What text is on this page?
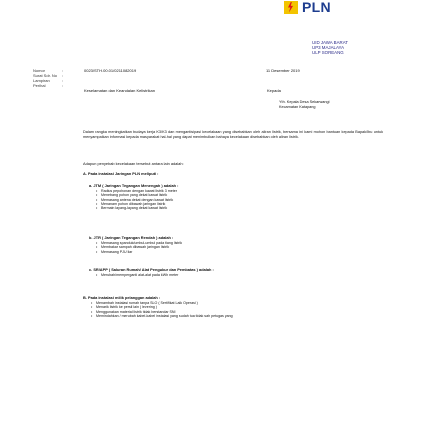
PLN
UID JAWA BARAT
UP3 MAJALAYA
ULP SOREANG
Nomor	:	0023/STH.00.01/0211082019	11 Desember 2019
Surat Sdr. No :
Lampiran	:
Perihal	:
Keselamatan dan Keandalan Kelistrikan	Kepada
Yth. Kepala Desa Sekarwangi
Kecamatan Katapang
Dalam rangka meningkatkan budaya kerja K3/K3 dan mengantisipasi kecelakaan yang disebabkan oleh aliran listrik, bersama ini kami mohon bantuan kepada Bapak/Ibu untuk menyampaikan informasi kepada masyarakat hal-hal yang dapat menimbulkan bahaya kecelakaan disebabkan oleh aliran listrik.
Adapun penyebab kecelakaan tersebut antara lain adalah:
A. Pada instalasi Jaringan PLN meliputi :
a. JTM ( Jaringan Tegangan Menengah ) adalah :
• Radius pepohonan dengan kawat listrik 3 meter
• Menebang pohon yang dekat kawat listrik
• Memasang antena dekat dengan kawat listrik
• Menanam pohon dibawah jaringan listrik
• Bermain layang-layang dekat kawat listrik
b. JTR ( Jaringan Tegangan Rendah ) adalah :
• Memasang spanduk/umbul-umbul pada tiang listrik
• Membakar sampah dibawah jaringan listrik
• Memasang PJU liar
c. SR/APP ( Saluran Rumah/ Alat Pengukur dan Pembatas ) adalah :
• Merubah/memperganti alat-alat pada kWh meter
B. Pada instalasi milik pelanggan adalah :
• Menambah instalasi rumah tanpa SLO ( Sertifikat Laik Operasi )
• Menarik listrik ke persil lain ( levering )
• Menggunakan material listrik tidak berstandar SNI
• Memindahkan / merubah kabel-kabel instalasi yang sudah tua tidak sah petugas yang
